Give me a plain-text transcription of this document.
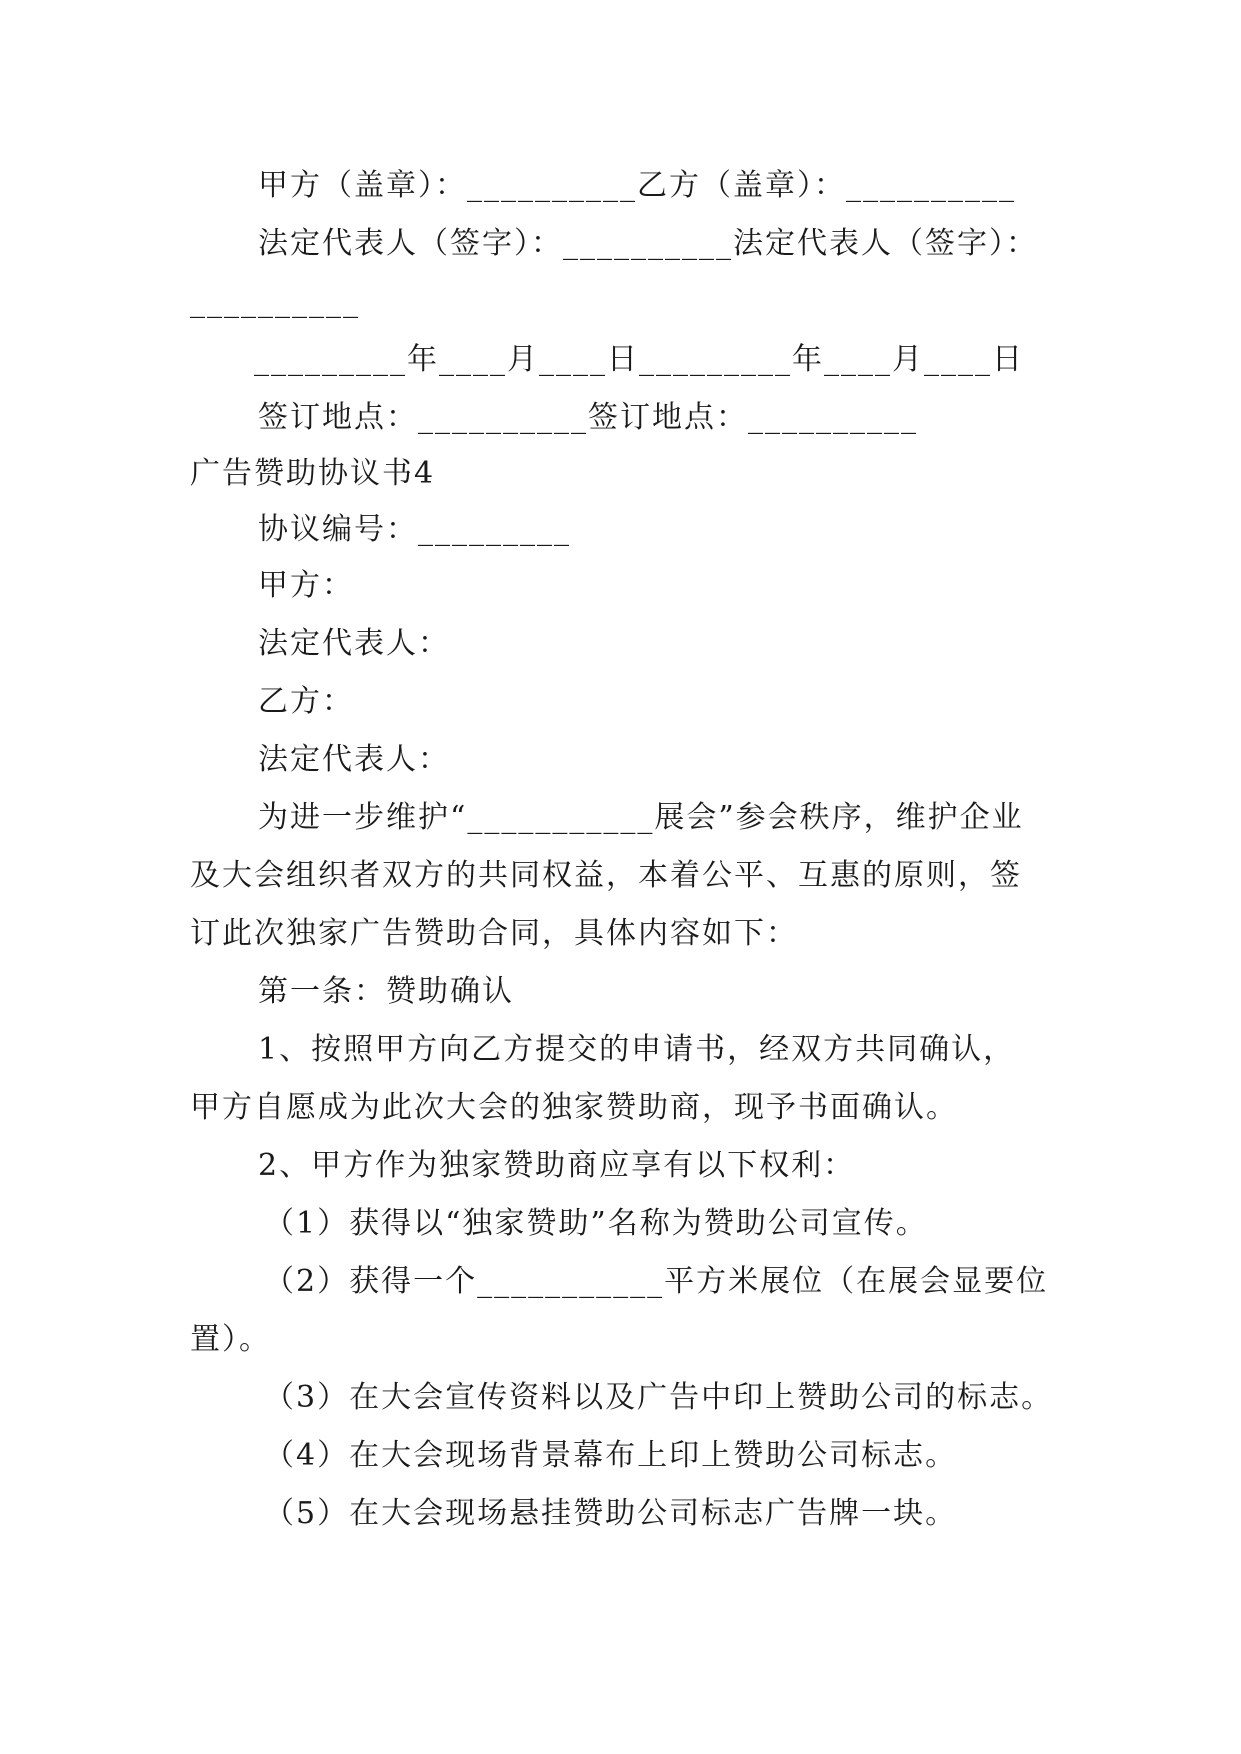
甲方（盖章）：__________乙方（盖章）：__________
法定代表人（签字）：__________法定代表人（签字）：
__________
_________年____月____日_________年____月____日
签订地点：__________签订地点：__________
广告赞助协议书4
协议编号：_________
甲方：
法定代表人：
乙方：
法定代表人：
为进一步维护“___________展会”参会秩序，维护企业
及大会组织者双方的共同权益，本着公平、互惠的原则，签
订此次独家广告赞助合同，具体内容如下：
第一条：赞助确认
1、按照甲方向乙方提交的申请书，经双方共同确认，
甲方自愿成为此次大会的独家赞助商，现予书面确认。
2、甲方作为独家赞助商应享有以下权利：
（1）获得以“独家赞助”名称为赞助公司宣传。
（2）获得一个___________平方米展位（在展会显要位
置）。
（3）在大会宣传资料以及广告中印上赞助公司的标志。
（4）在大会现场背景幕布上印上赞助公司标志。
（5）在大会现场悬挂赞助公司标志广告牌一块。
